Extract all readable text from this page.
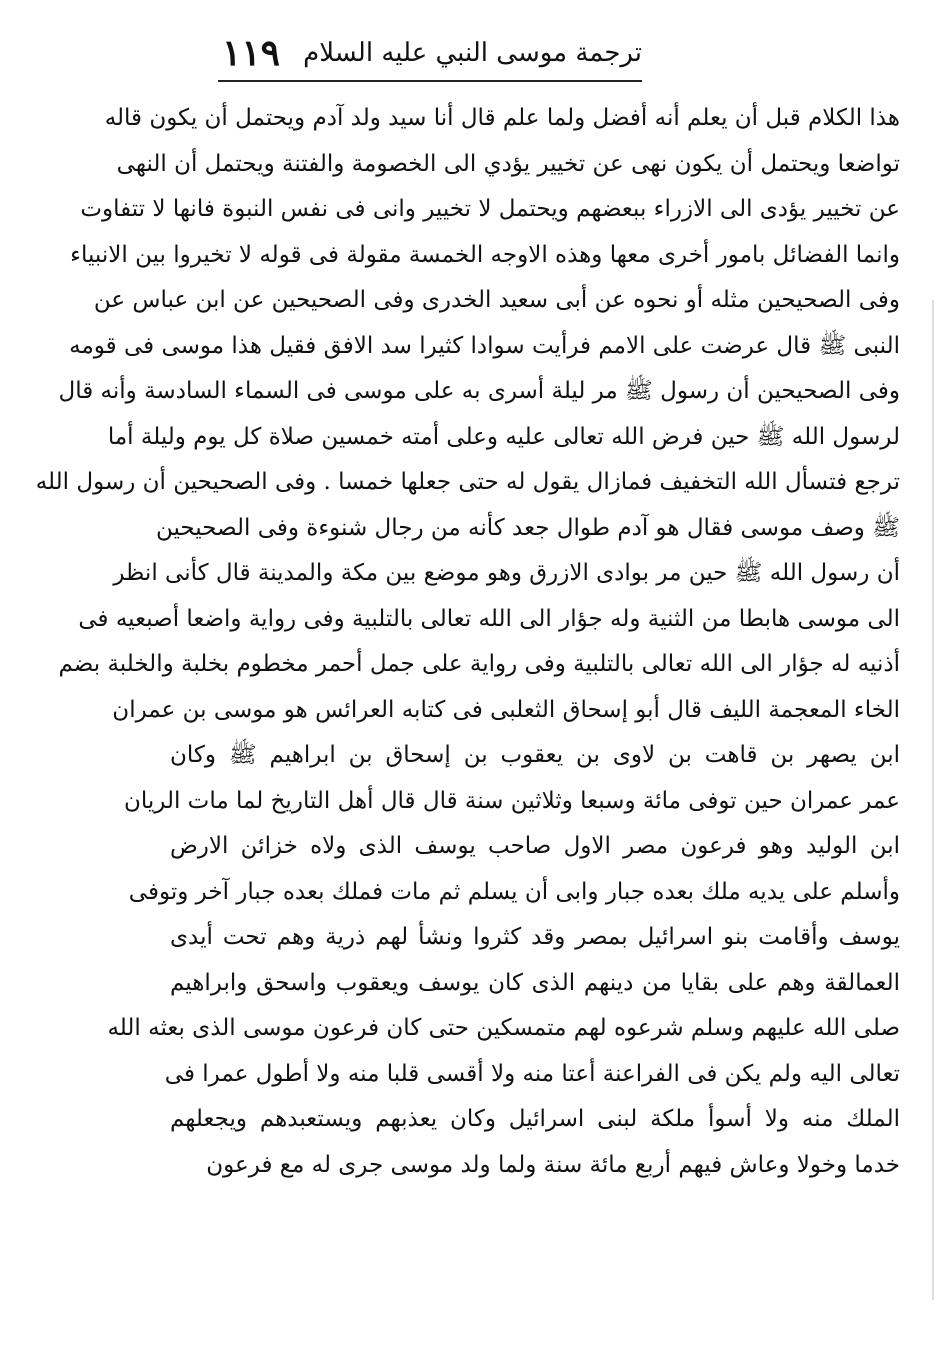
ترجمة موسى النبي عليه السلام
١١٩
هذا الكلام قبل أن يعلم أنه أفضل ولما علم قال أنا سيد ولد آدم ويحتمل أن يكون قاله
تواضعا ويحتمل أن يكون نهى عن تخيير يؤدي الى الخصومة والفتنة ويحتمل أن النهى
عن تخيير يؤدى الى الازراء ببعضهم ويحتمل لا تخيير وانى فى نفس النبوة فانها لا تتفاوت
وانما الفضائل بامور أخرى معها وهذه الاوجه الخمسة مقولة فى قوله لا تخيروا بين الانبياء
وفى الصحيحين مثله أو نحوه عن أبى سعيد الخدرى وفى الصحيحين عن ابن عباس عن
النبى ﷺ قال عرضت على الامم فرأيت سوادا كثيرا سد الافق فقيل هذا موسى فى قومه
وفى الصحيحين أن رسول ﷺ مر ليلة أسرى به على موسى فى السماء السادسة وأنه قال
لرسول الله ﷺ حين فرض الله تعالى عليه وعلى أمته خمسين صلاة كل يوم وليلة أما
ترجع فتسأل الله التخفيف فمازال يقول له حتى جعلها خمسا . وفى الصحيحين أن رسول الله
ﷺ وصف موسى فقال هو آدم طوال جعد كأنه من رجال شنوءة وفى الصحيحين
أن رسول الله ﷺ حين مر بوادى الازرق وهو موضع بين مكة والمدينة قال كأنى انظر
الى موسى هابطا من الثنية وله جؤار الى الله تعالى بالتلبية وفى رواية واضعا أصبعيه فى
أذنيه له جؤار الى الله تعالى بالتلبية وفى رواية على جمل أحمر مخطوم بخلبة والخلبة بضم
الخاء المعجمة الليف قال أبو إسحاق الثعلبى فى كتابه العرائس هو موسى بن عمران
ابن يصهر بن قاهت بن لاوى بن يعقوب بن إسحاق بن ابراهيم ﷺ وكان
عمر عمران حين توفى مائة وسبعا وثلاثين سنة قال قال أهل التاريخ لما مات الريان
ابن الوليد وهو فرعون مصر الاول صاحب يوسف الذى ولاه خزائن الارض
وأسلم على يديه ملك بعده جبار وابى أن يسلم ثم مات فملك بعده جبار آخر وتوفى
يوسف وأقامت بنو اسرائيل بمصر وقد كثروا ونشأ لهم ذرية وهم تحت أيدى
العمالقة وهم على بقايا من دينهم الذى كان يوسف ويعقوب واسحق وابراهيم
صلى الله عليهم وسلم شرعوه لهم متمسكين حتى كان فرعون موسى الذى بعثه الله
تعالى اليه ولم يكن فى الفراعنة أعتا منه ولا أقسى قلبا منه ولا أطول عمرا فى
الملك منه ولا أسوأ ملكة لبنى اسرائيل وكان يعذبهم ويستعبدهم ويجعلهم
خدما وخولا وعاش فيهم أربع مائة سنة ولما ولد موسى جرى له مع فرعون
